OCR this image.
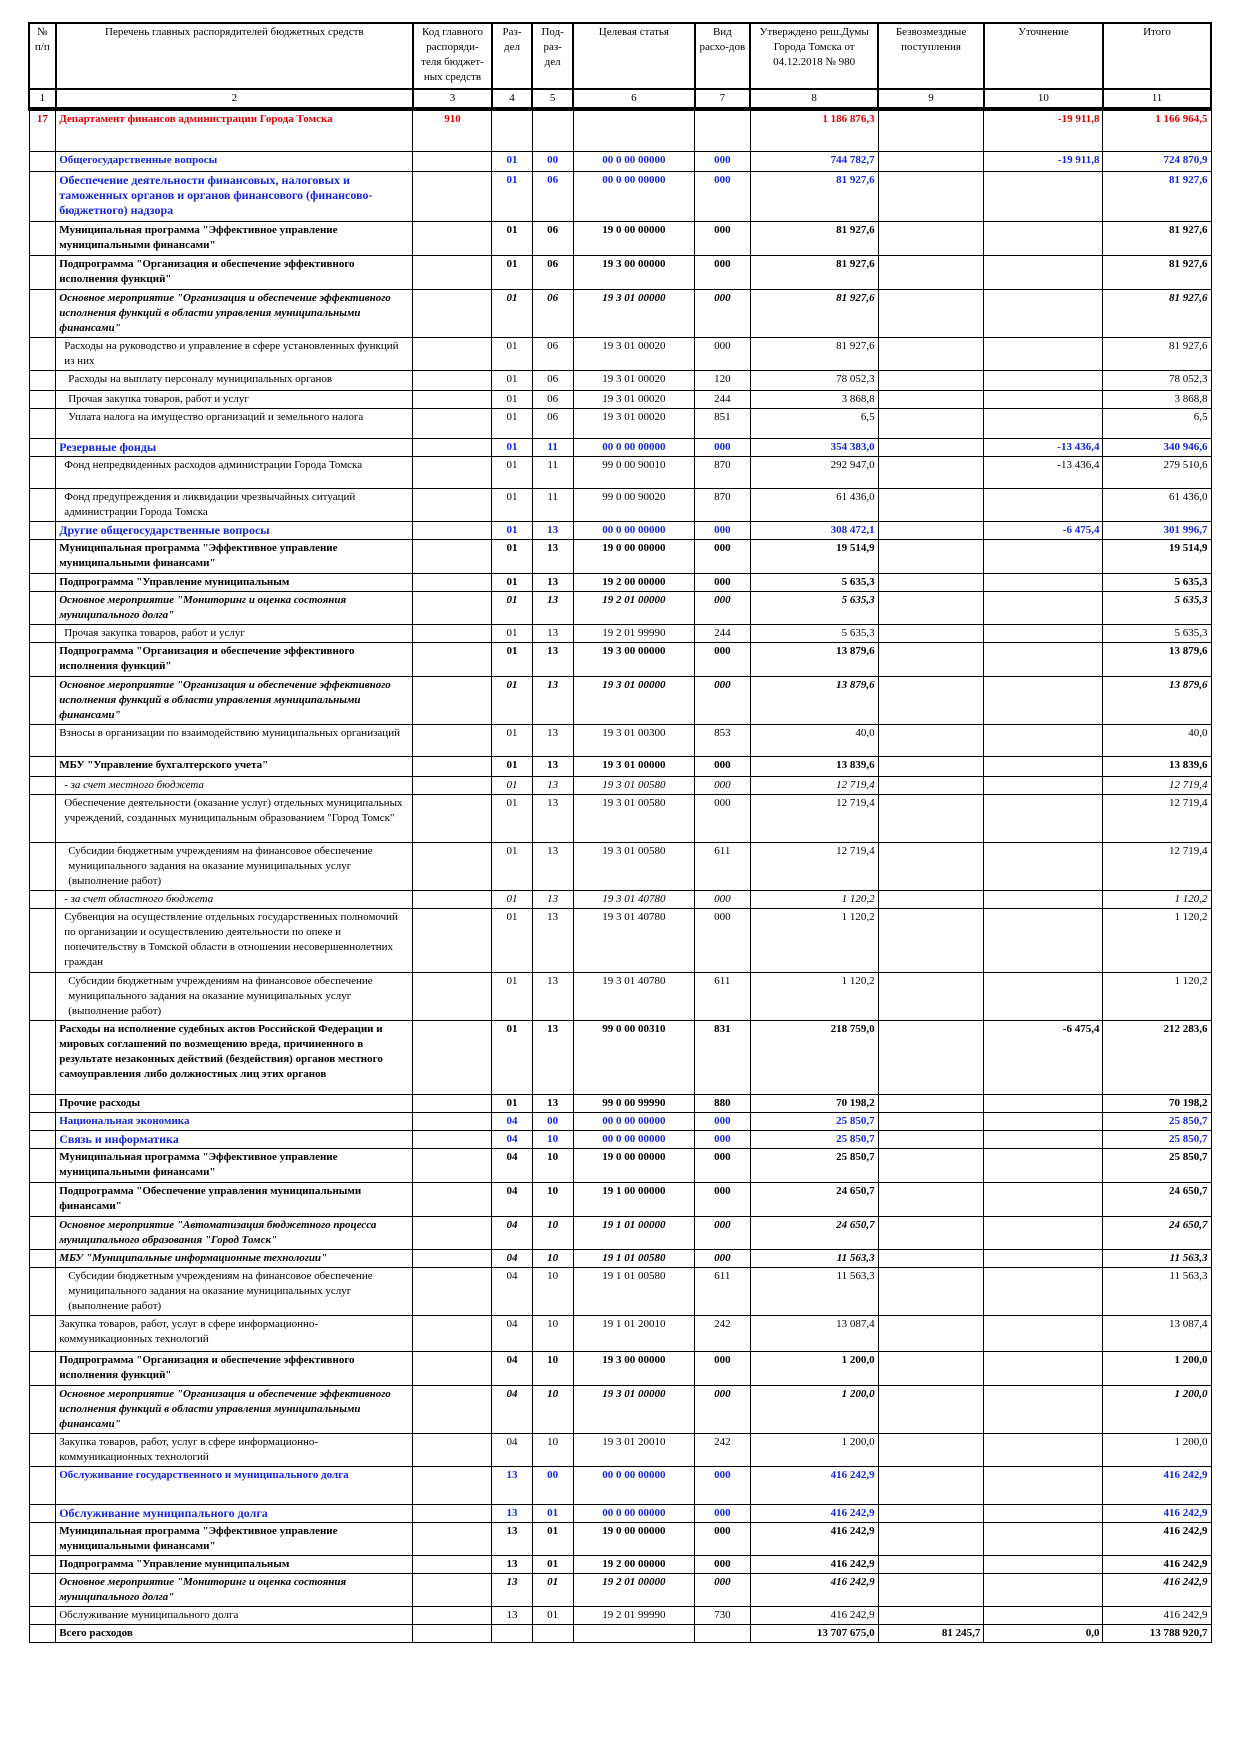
№ п/п	Перечень главных распорядителей бюджетных средств	Код главного распоряди-теля бюджет-ных средств	Раз-дел	Под-раз-дел	Целевая статья	Вид расхо-дов	Утверждено реш.Думы Города Томска от 04.12.2018 № 980	Безвозмездные поступления	Уточнение	Итого
1	2	3	4	5	6	7	8	9	10	11
17	Департамент финансов администрации Города Томска	910					1 186 876,3		-19 911,8	1 166 964,5
	Общегосударственные вопросы		01	00	00 0 00 00000	000	744 782,7		-19 911,8	724 870,9
	Обеспечение деятельности финансовых, налоговых и таможенных органов и органов финансового (финансово-бюджетного) надзора		01	06	00 0 00 00000	000	81 927,6			81 927,6
	Муниципальная программа "Эффективное управление муниципальными финансами"		01	06	19 0 00 00000	000	81 927,6			81 927,6
	Подпрограмма "Организация и обеспечение эффективного исполнения функций"		01	06	19 3 00 00000	000	81 927,6			81 927,6
	Основное мероприятие "Организация и обеспечение эффективного исполнения функций в области управления муниципальными финансами"		01	06	19 3 01 00000	000	81 927,6			81 927,6
	Расходы на руководство и управление в сфере установленных функций из них		01	06	19 3 01 00020	000	81 927,6			81 927,6
	Расходы на выплату персоналу муниципальных органов		01	06	19 3 01 00020	120	78 052,3			78 052,3
	Прочая закупка товаров, работ и услуг		01	06	19 3 01 00020	244	3 868,8			3 868,8
	Уплата налога на имущество организаций и земельного налога		01	06	19 3 01 00020	851	6,5			6,5
	Резервные фонды		01	11	00 0 00 00000	000	354 383,0		-13 436,4	340 946,6
	Фонд непредвиденных расходов администрации Города Томска		01	11	99 0 00 90010	870	292 947,0		-13 436,4	279 510,6
	Фонд предупреждения и ликвидации чрезвычайных ситуаций администрации Города Томска		01	11	99 0 00 90020	870	61 436,0			61 436,0
	Другие общегосударственные вопросы		01	13	00 0 00 00000	000	308 472,1		-6 475,4	301 996,7
	Муниципальная программа "Эффективное управление муниципальными финансами"		01	13	19 0 00 00000	000	19 514,9			19 514,9
	Подпрограмма "Управление муниципальным		01	13	19 2 00 00000	000	5 635,3			5 635,3
	Основное мероприятие "Мониторинг и оценка состояния муниципального долга"		01	13	19 2 01 00000	000	5 635,3			5 635,3
	Прочая закупка товаров, работ и услуг		01	13	19 2 01 99990	244	5 635,3			5 635,3
	Подпрограмма "Организация и обеспечение эффективного исполнения функций"		01	13	19 3 00 00000	000	13 879,6			13 879,6
	Основное мероприятие "Организация и обеспечение эффективного исполнения функций в области управления муниципальными финансами"		01	13	19 3 01 00000	000	13 879,6			13 879,6
	Взносы в организации по взаимодействию муниципальных организаций		01	13	19 3 01 00300	853	40,0			40,0
	МБУ "Управление бухгалтерского учета"		01	13	19 3 01 00000	000	13 839,6			13 839,6
	- за счет местного бюджета		01	13	19 3 01 00580	000	12 719,4			12 719,4
	Обеспечение деятельности (оказание услуг) отдельных муниципальных учреждений, созданных муниципальным образованием "Город Томск"		01	13	19 3 01 00580	000	12 719,4			12 719,4
	Субсидии бюджетным учреждениям на финансовое обеспечение муниципального задания на оказание муниципальных услуг (выполнение работ)		01	13	19 3 01 00580	611	12 719,4			12 719,4
	- за счет областного бюджета		01	13	19 3 01 40780	000	1 120,2			1 120,2
	Субвенция на осуществление отдельных государственных полномочий по организации и осуществлению деятельности по опеке и попечительству в Томской области в отношении несовершеннолетних граждан		01	13	19 3 01 40780	000	1 120,2			1 120,2
	Субсидии бюджетным учреждениям на финансовое обеспечение муниципального задания на оказание муниципальных услуг (выполнение работ)		01	13	19 3 01 40780	611	1 120,2			1 120,2
	Расходы на исполнение судебных актов Российской Федерации и мировых соглашений по возмещению вреда, причиненного в результате незаконных действий (бездействия) органов местного самоуправления либо должностных лиц этих органов		01	13	99 0 00 00310	831	218 759,0		-6 475,4	212 283,6
	Прочие расходы		01	13	99 0 00 99990	880	70 198,2			70 198,2
	Национальная экономика		04	00	00 0 00 00000	000	25 850,7			25 850,7
	Связь и информатика		04	10	00 0 00 00000	000	25 850,7			25 850,7
	Муниципальная программа "Эффективное управление муниципальными финансами"		04	10	19 0 00 00000	000	25 850,7			25 850,7
	Подпрограмма "Обеспечение управления муниципальными финансами"		04	10	19 1 00 00000	000	24 650,7			24 650,7
	Основное мероприятие "Автоматизация бюджетного процесса муниципального образования "Город Томск"		04	10	19 1 01 00000	000	24 650,7			24 650,7
	МБУ "Муниципальные информационные технологии"		04	10	19 1 01 00580	000	11 563,3			11 563,3
	Субсидии бюджетным учреждениям на финансовое обеспечение муниципального задания на оказание муниципальных услуг (выполнение работ)		04	10	19 1 01 00580	611	11 563,3			11 563,3
	Закупка товаров, работ, услуг в сфере информационно-коммуникационных технологий		04	10	19 1 01 20010	242	13 087,4			13 087,4
	Подпрограмма "Организация и обеспечение эффективного исполнения функций"		04	10	19 3 00 00000	000	1 200,0			1 200,0
	Основное мероприятие "Организация и обеспечение эффективного исполнения функций в области управления муниципальными финансами"		04	10	19 3 01 00000	000	1 200,0			1 200,0
	Закупка товаров, работ, услуг в сфере информационно-коммуникационных технологий		04	10	19 3 01 20010	242	1 200,0			1 200,0
	Обслуживание государственного и муниципального долга		13	00	00 0 00 00000	000	416 242,9			416 242,9
	Обслуживание муниципального долга		13	01	00 0 00 00000	000	416 242,9			416 242,9
	Муниципальная программа "Эффективное управление муниципальными финансами"		13	01	19 0 00 00000	000	416 242,9			416 242,9
	Подпрограмма "Управление муниципальным		13	01	19 2 00 00000	000	416 242,9			416 242,9
	Основное мероприятие "Мониторинг и оценка состояния муниципального долга"		13	01	19 2 01 00000	000	416 242,9			416 242,9
	Обслуживание муниципального долга		13	01	19 2 01 99990	730	416 242,9			416 242,9
	Всего расходов						13 707 675,0	81 245,7	0,0	13 788 920,7
